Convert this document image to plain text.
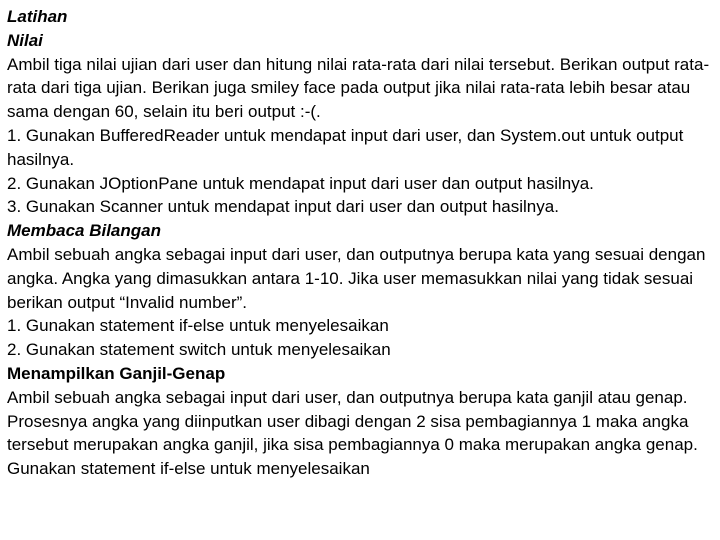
Latihan
Nilai
Ambil tiga nilai ujian dari user dan hitung nilai rata-rata dari nilai tersebut. Berikan output rata-rata dari tiga ujian. Berikan juga smiley face pada output jika nilai rata-rata lebih besar atau sama dengan 60, selain itu beri output :-(.
1. Gunakan BufferedReader untuk mendapat input dari user, dan System.out untuk output hasilnya.
2. Gunakan JOptionPane untuk mendapat input dari user dan output hasilnya.
3. Gunakan Scanner untuk mendapat input dari user dan output hasilnya.
Membaca Bilangan
Ambil sebuah angka sebagai input dari user, dan outputnya berupa kata yang sesuai dengan angka. Angka yang dimasukkan antara 1-10. Jika user memasukkan nilai yang tidak sesuai berikan output “Invalid number”.
1. Gunakan statement if-else untuk menyelesaikan
2. Gunakan statement switch untuk menyelesaikan
Menampilkan Ganjil-Genap
Ambil sebuah angka sebagai input dari user, dan outputnya berupa kata ganjil atau genap. Prosesnya angka yang diinputkan user dibagi dengan 2 sisa pembagiannya 1 maka angka tersebut merupakan angka ganjil, jika sisa pembagiannya 0 maka merupakan angka genap. Gunakan statement if-else untuk menyelesaikan
